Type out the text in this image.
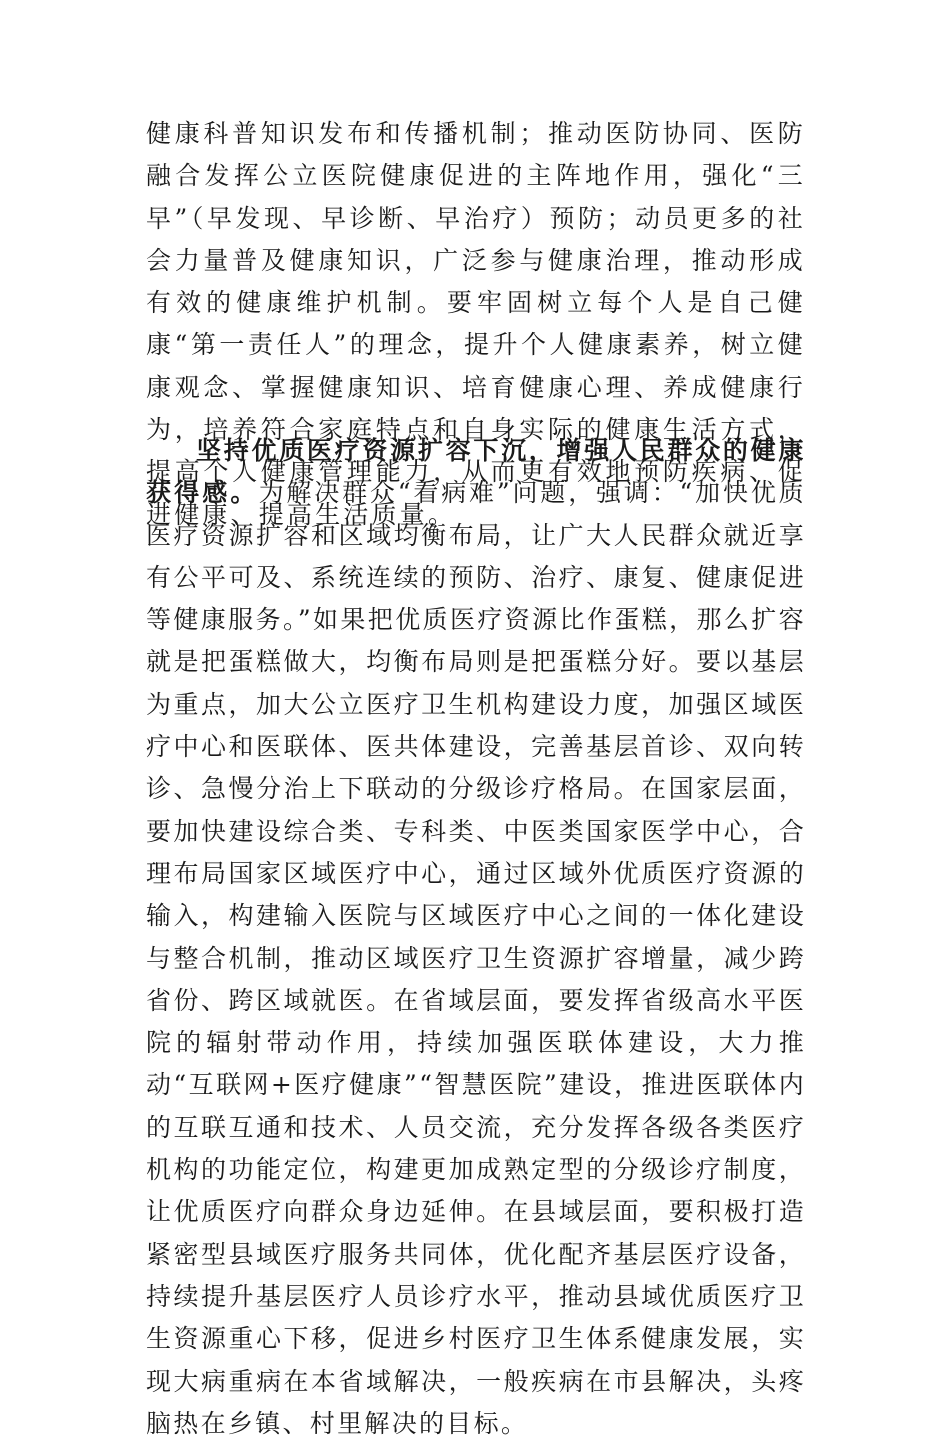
健康科普知识发布和传播机制；推动医防协同、医防融合发挥公立医院健康促进的主阵地作用，强化“三早”（早发现、早诊断、早治疗）预防；动员更多的社会力量普及健康知识，广泛参与健康治理，推动形成有效的健康维护机制。要牢固树立每个人是自己健康“第一责任人”的理念，提升个人健康素养，树立健康观念、掌握健康知识、培育健康心理、养成健康行为，培养符合家庭特点和自身实际的健康生活方式，提高个人健康管理能力，从而更有效地预防疾病、促进健康、提高生活质量。

坚持优质医疗资源扩容下沉，增强人民群众的健康获得感。为解决群众“看病难”问题，强调：“加快优质医疗资源扩容和区域均衡布局，让广大人民群众就近享有公平可及、系统连续的预防、治疗、康复、健康促进等健康服务。”如果把优质医疗资源比作蛋糕，那么扩容就是把蛋糕做大，均衡布局则是把蛋糕分好。要以基层为重点，加大公立医疗卫生机构建设力度，加强区域医疗中心和医联体、医共体建设，完善基层首诊、双向转诊、急慢分治上下联动的分级诊疗格局。在国家层面，要加快建设综合类、专科类、中医类国家医学中心，合理布局国家区域医疗中心，通过区域外优质医疗资源的输入，构建输入医院与区域医疗中心之间的一体化建设与整合机制，推动区域医疗卫生资源扩容增量，减少跨省份、跨区域就医。在省域层面，要发挥省级高水平医院的辐射带动作用，持续加强医联体建设，大力推动“互联网+医疗健康”“智慧医院”建设，推进医联体内的互联互通和技术、人员交流，充分发挥各级各类医疗机构的功能定位，构建更加成熟定型的分级诊疗制度，让优质医疗向群众身边延伸。在县域层面，要积极打造紧密型县域医疗服务共同体，优化配齐基层医疗设备，持续提升基层医疗人员诊疗水平，推动县域优质医疗卫生资源重心下移，促进乡村医疗卫生体系健康发展，实现大病重病在本省域解决，一般疾病在市县解决，头疼脑热在乡镇、村里解决的目标。
